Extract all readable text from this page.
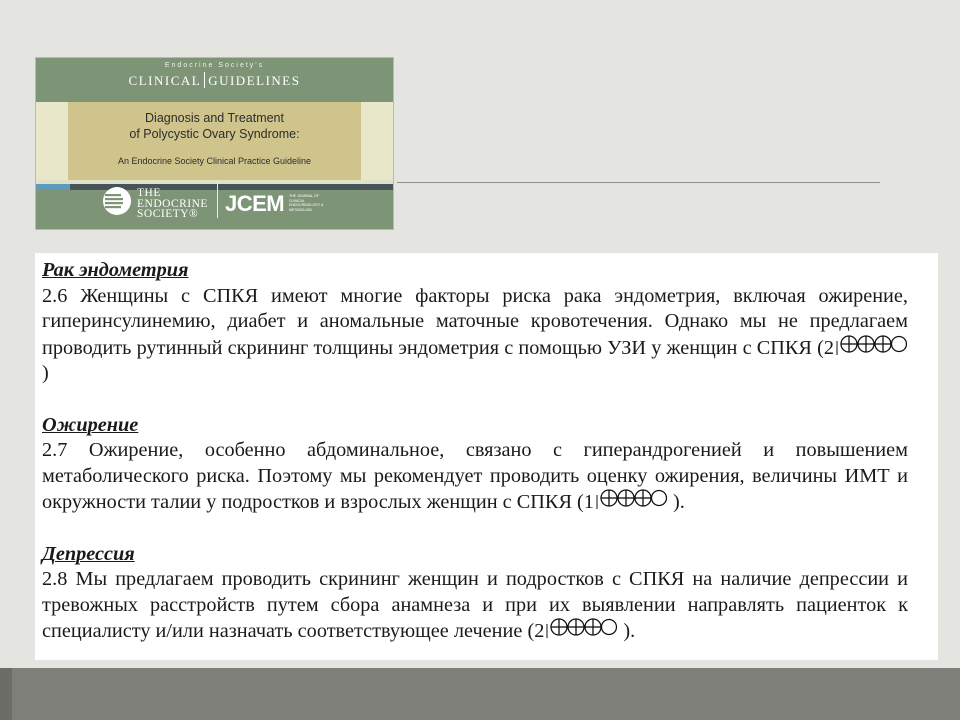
Endocrine Society's
CLINICAL GUIDELINES
Diagnosis and Treatment
of Polycystic Ovary Syndrome:
An Endocrine Society Clinical Practice Guideline
THE
ENDOCRINE
SOCIETY®	JCEM THE JOURNAL OF CLINICAL ENDOCRINOLOGY & METABOLISM
Рак эндометрия

2.6 Женщины с СПКЯ имеют многие факторы риска рака эндометрия, включая ожирение, гиперинсулинемию, диабет и аномальные маточные кровотечения. Однако мы не предлагаем проводить рутинный скрининг толщины эндометрия с помощью УЗИ у женщин с СПКЯ (2 )

Ожирение

2.7 Ожирение, особенно абдоминальное, связано с гиперандрогенией и повышением метаболического риска. Поэтому мы рекомендует проводить оценку ожирения, величины ИМТ и окружности талии у подростков и взрослых женщин с СПКЯ (1	).

Депрессия

2.8 Мы предлагаем проводить скрининг женщин и подростков с СПКЯ на наличие депрессии и тревожных расстройств путем сбора анамнеза и при их выявлении направлять пациенток к специалисту и/или назначать соответствующее лечение (2	).
